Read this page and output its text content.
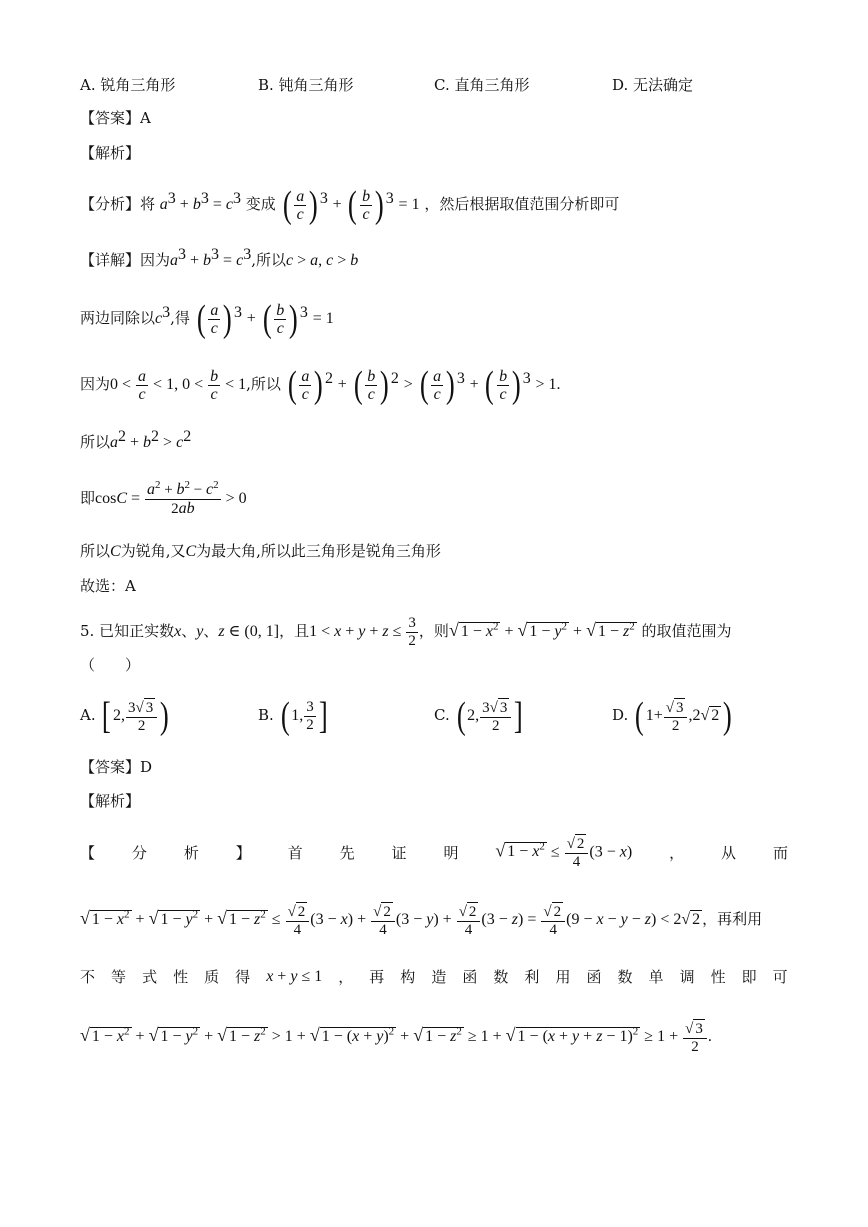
A. 锐角三角形	B. 钝角三角形	C. 直角三角形	D. 无法确定
【答案】A
【解析】
【分析】将 $a^3 + b^3 = c^3$ 变成 ( $\frac{a}{c}$ ) $^3$ + ( $\frac{b}{c}$ ) $^3$ = 1 ，然后根据取值范围分析即可
【详解】因为$a^3 + b^3 = c^3$,所以c > a, c > b
两边同除以$c^3$,得 ( $\frac{a}{c}$ ) $^3$ + ( $\frac{b}{c}$ ) $^3$ = 1
因为$0 < \frac{a}{c} < 1$, $0 < \frac{b}{c} < 1$,所以 ( $\frac{a}{c}$ ) $^2$ + ( $\frac{b}{c}$ ) $^2$ > ( $\frac{a}{c}$ ) $^3$ + ( $\frac{b}{c}$ ) $^3$ > 1.
所以$a^2 + b^2 > c^2$
即$\cos C = \frac{a^2 + b^2 - c^2}{2ab} > 0$
所以C为锐角,又C为最大角,所以此三角形是锐角三角形
故选：A
5. 已知正实数x、y、z ∈ (0, 1]，且$1 < x + y + z \le \frac{3}{2}$ ，则√ $1 - x^2$ + √ $1 - y^2$ + √ $1 - z^2$ 的取值范围为
（　　）
A. [ 2, $\frac{3√ 3}{2}$ )	B. ( 1, $\frac{3}{2}$ ]	C. ( 2, $\frac{3√ 3}{2}$ ]	D. ( $1+ \frac{√ 3}{2} ,2√$ 2 )
【答案】D
【解析】
【 分 析 】 首 先 证 明 √ $1 - x^2 \le \frac{√ 2}{4} (3 - x)$ ， 从 而
√ $1 - x^2$ + √ $1 - y^2$ + √ $1 - z^2 \le \frac{√ 2}{4} (3 - x) + \frac{√ 2}{4} (3 - y) + \frac{√ 2}{4} (3 - z) = \frac{√ 2}{4} (9 - x - y - z) < 2√$ 2 ，再利用
不 等 式 性 质 得 x + y ≤ 1 ， 再 构 造 函 数 利 用 函 数 单 调 性 即 可
√ $1 - x^2$ + √ $1 - y^2$ + √ $1 - z^2 > 1$ + √ $1 - (x + y)^2$ + √ $1 - z^2 \ge 1$ + √ $1 - (x + y + z - 1)^2 \ge 1 + \frac{√ 3}{2}$ .
